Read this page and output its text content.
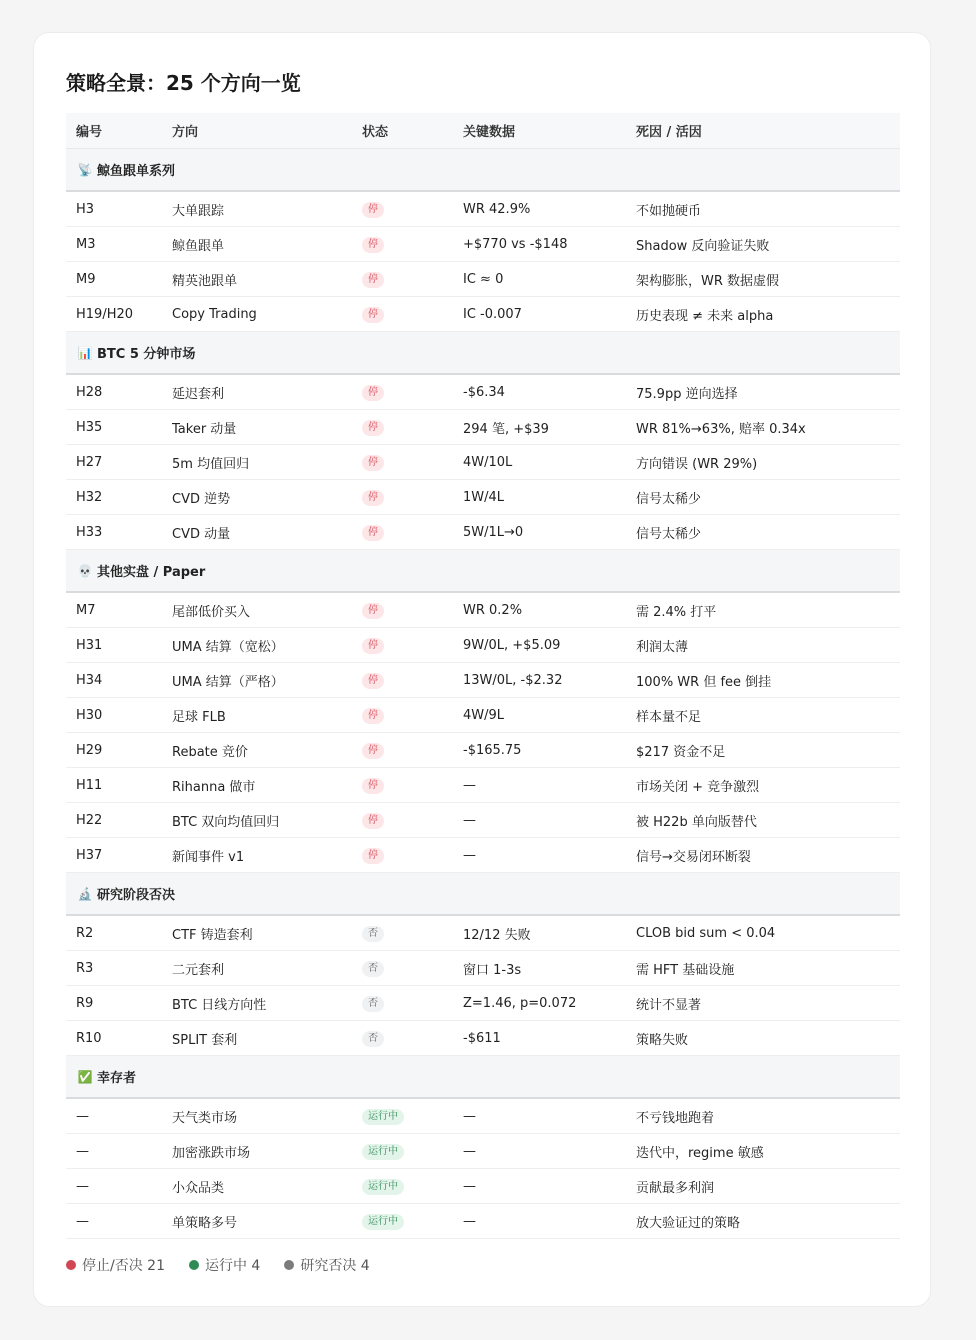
策略全景：25 个方向一览
编号	方向	状态	关键数据	死因 / 活因
📡 鲸鱼跟单系列
H3	大单跟踪	停	WR 42.9%	不如抛硬币
M3	鲸鱼跟单	停	+$770 vs -$148	Shadow 反向验证失败
M9	精英池跟单	停	IC ≈ 0	架构膨胀，WR 数据虚假
H19/H20	Copy Trading	停	IC -0.007	历史表现 ≠ 未来 alpha
📊 BTC 5 分钟市场
H28	延迟套利	停	-$6.34	75.9pp 逆向选择
H35	Taker 动量	停	294 笔, +$39	WR 81%→63%, 赔率 0.34x
H27	5m 均值回归	停	4W/10L	方向错误 (WR 29%)
H32	CVD 逆势	停	1W/4L	信号太稀少
H33	CVD 动量	停	5W/1L→0	信号太稀少
💀 其他实盘 / Paper
M7	尾部低价买入	停	WR 0.2%	需 2.4% 打平
H31	UMA 结算（宽松）	停	9W/0L, +$5.09	利润太薄
H34	UMA 结算（严格）	停	13W/0L, -$2.32	100% WR 但 fee 倒挂
H30	足球 FLB	停	4W/9L	样本量不足
H29	Rebate 竞价	停	-$165.75	$217 资金不足
H11	Rihanna 做市	停	—	市场关闭 + 竞争激烈
H22	BTC 双向均值回归	停	—	被 H22b 单向版替代
H37	新闻事件 v1	停	—	信号→交易闭环断裂
🔬 研究阶段否决
R2	CTF 铸造套利	否	12/12 失败	CLOB bid sum < 0.04
R3	二元套利	否	窗口 1-3s	需 HFT 基础设施
R9	BTC 日线方向性	否	Z=1.46, p=0.072	统计不显著
R10	SPLIT 套利	否	-$611	策略失败
✅ 幸存者
—	天气类市场	运行中	—	不亏钱地跑着
—	加密涨跌市场	运行中	—	迭代中，regime 敏感
—	小众品类	运行中	—	贡献最多利润
—	单策略多号	运行中	—	放大验证过的策略
停止/否决 21	运行中 4	研究否决 4
